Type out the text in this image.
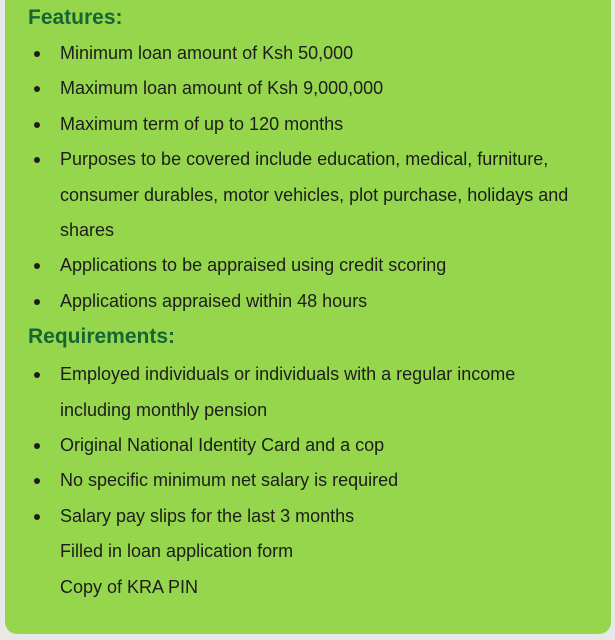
Features:
Minimum loan amount of Ksh 50,000
Maximum loan amount of Ksh 9,000,000
Maximum term of up to 120 months
Purposes to be covered include education, medical, furniture, consumer durables, motor vehicles, plot purchase, holidays and shares
Applications to be appraised using credit scoring
Applications appraised within 48 hours
Requirements:
Employed individuals or individuals with a regular income including monthly pension
Original National Identity Card and a cop
No specific minimum net salary is required
Salary pay slips for the last 3 months
Filled in loan application form
Copy of KRA PIN
